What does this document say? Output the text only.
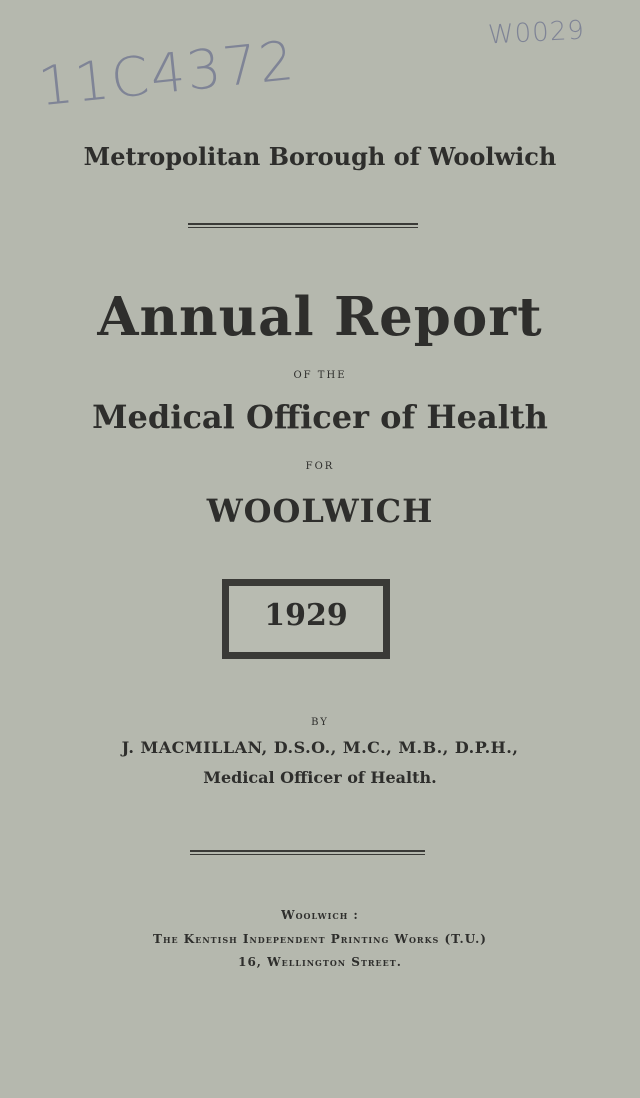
11C4372	W0029
Metropolitan Borough of Woolwich
Annual Report
OF THE
Medical Officer of Health
FOR
WOOLWICH
1929
BY
J. MACMILLAN, D.S.O., M.C., M.B., D.P.H.,
Medical Officer of Health.
Woolwich :
The Kentish Independent Printing Works (T.U.)
16, Wellington Street.
